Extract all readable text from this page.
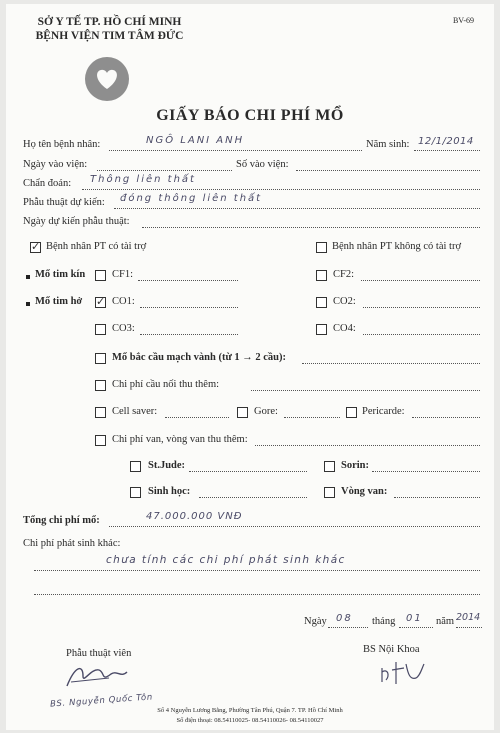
BV-69
SỞ Y TẾ TP. HỒ CHÍ MINH
BỆNH VIỆN TIM TÂM ĐỨC
GIẤY BÁO CHI PHÍ MỔ
Họ tên bệnh nhân:	NGÔ LANI ANH	Năm sinh: 12/1/2014
Ngày vào viện:	Số vào viện:
Chẩn đoán: Thông liên thất
Phẫu thuật dự kiến: đóng thông liên thất
Ngày dự kiến phẫu thuật:
✓ Bệnh nhân PT có tài trợ	Bệnh nhân PT không có tài trợ
Mổ tim kín	CF1:	CF2:
Mổ tim hở ✓ CO1:	CO2:
CO3:	CO4:
Mổ bắc cầu mạch vành (từ 1 → 2 cầu):
Chi phí cầu nối thu thêm:
Cell saver:	Gore:	Pericarde:
Chi phí van, vòng van thu thêm:
St.Jude:	Sorin:
Sinh học:	Vòng van:
Tổng chi phí mổ:	47.000.000 VNĐ
Chi phí phát sinh khác:
chưa tính các chi phí phát sinh khác
Ngày 08 tháng 01 năm 2014
Phẫu thuật viên	BS Nội Khoa
BS. Nguyễn Quốc Tôn
Số 4 Nguyễn Lương Bằng, Phường Tân Phú, Quận 7. TP. Hồ Chí Minh
Số điện thoại: 08.54110025- 08.54110026- 08.54110027
